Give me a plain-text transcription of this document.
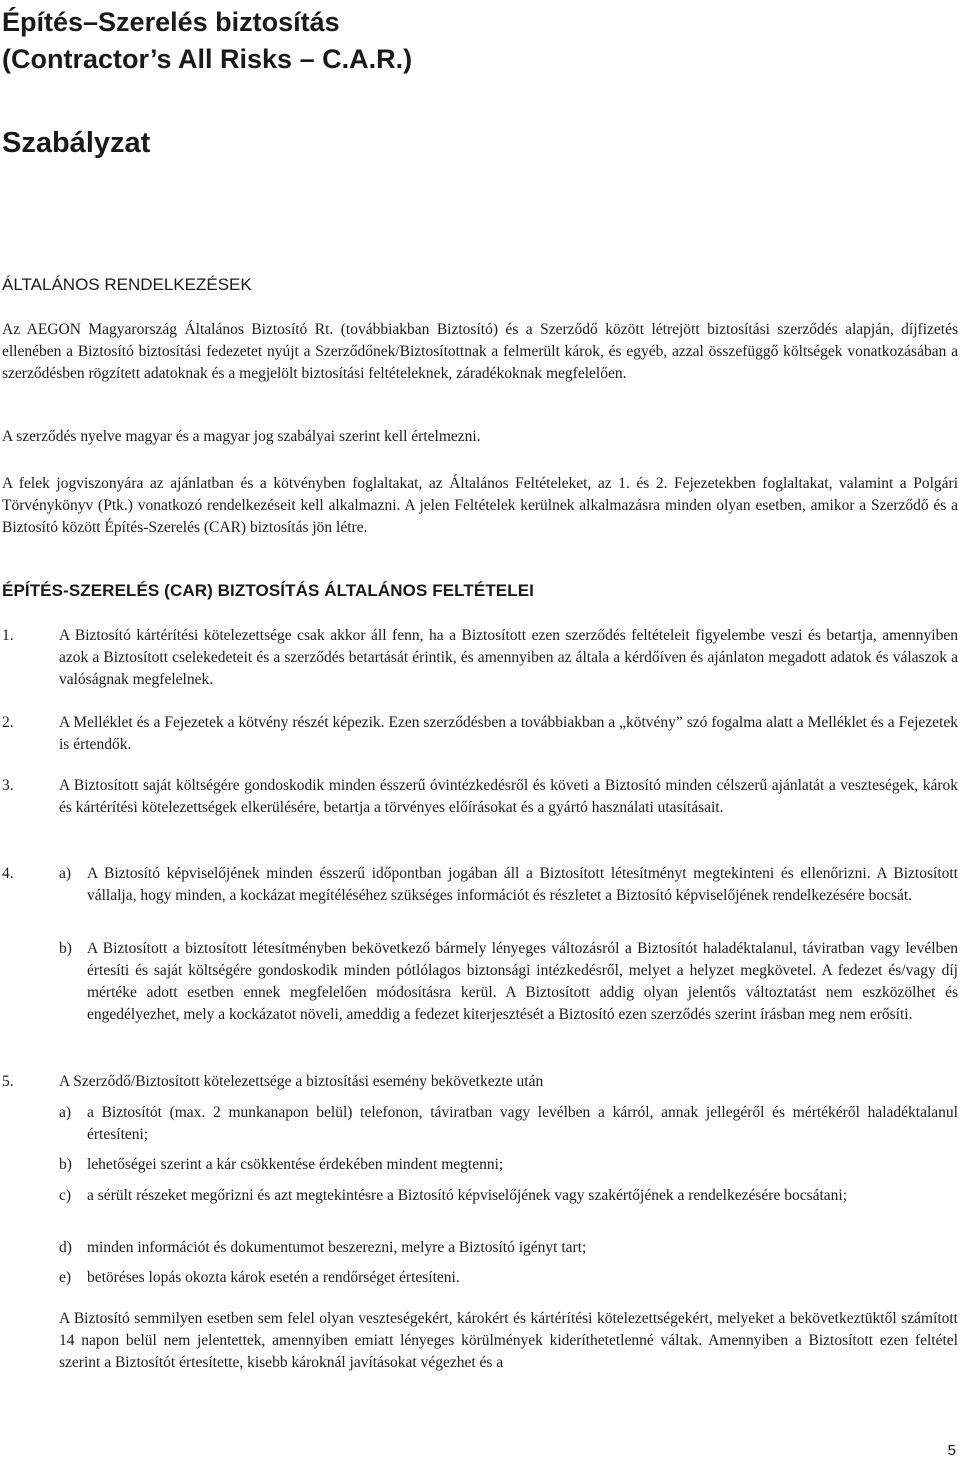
Építés–Szerelés biztosítás
(Contractor’s All Risks – C.A.R.)
Szabályzat
ÁLTALÁNOS RENDELKEZÉSEK

Az AEGON Magyarország Általános Biztosító Rt. (továbbiakban Biztosító) és a Szerződő között létrejött biztosítási szerződés alapján, díjfizetés ellenében a Biztosító biztosítási fedezetet nyújt a Szerződőnek/Biztosítottnak a felmerült károk, és egyéb, azzal összefüggő költségek vonatkozásában a szerződésben rögzített adatoknak és a megjelölt biztosítási feltételeknek, záradékoknak megfelelően.

A szerződés nyelve magyar és a magyar jog szabályai szerint kell értelmezni.

A felek jogviszonyára az ajánlatban és a kötvényben foglaltakat, az Általános Feltételeket, az 1. és 2. Fejezetekben foglaltakat, valamint a Polgári Törvénykönyv (Ptk.) vonatkozó rendelkezéseit kell alkalmazni. A jelen Feltételek kerülnek alkalmazásra minden olyan esetben, amikor a Szerződő és a Biztosító között Építés-Szerelés (CAR) biztosítás jön létre.

ÉPÍTÉS-SZERELÉS (CAR) BIZTOSÍTÁS ÁLTALÁNOS FELTÉTELEI
1.	A Biztosító kártérítési kötelezettsége csak akkor áll fenn, ha a Biztosított ezen szerződés feltételeit figyelembe veszi és betartja, amennyiben azok a Biztosított cselekedeteit és a szerződés betartását érintik, és amennyiben az általa a kérdőíven és ajánlaton megadott adatok és válaszok a valóságnak megfelelnek.

2.	A Melléklet és a Fejezetek a kötvény részét képezik. Ezen szerződésben a továbbiakban a „kötvény” szó fogalma alatt a Melléklet és a Fejezetek is értendők.

3.	A Biztosított saját költségére gondoskodik minden ésszerű óvintézkedésről és követi a Biztosító minden célszerű ajánlatát a veszteségek, károk és kártérítési kötelezettségek elkerülésére, betartja a törvényes előírásokat és a gyártó használati utasításait.

4.	a)	A Biztosító képviselőjének minden ésszerű időpontban jogában áll a Biztosított létesítményt megtekinteni és ellenőrizni. A Biztosított vállalja, hogy minden, a kockázat megítéléséhez szükséges információt és részletet a Biztosító képviselőjének rendelkezésére bocsát.

b) A Biztosított a biztosított létesítményben bekövetkező bármely lényeges változásról a Biztosítót haladéktalanul, táviratban vagy levélben értesíti és saját költségére gondoskodik minden pótlólagos biztonsági intézkedésről, melyet a helyzet megkövetel. A fedezet és/vagy díj mértéke adott esetben ennek megfelelően módosításra kerül. A Biztosított addig olyan jelentős változtatást nem eszközölhet és engedélyezhet, mely a kockázatot növeli, ameddig a fedezet kiterjesztését a Biztosító ezen szerződés szerint írásban meg nem erősíti.

5.	A Szerződő/Biztosított kötelezettsége a biztosítási esemény bekövetkezte után

a)	a Biztosítót (max. 2 munkanapon belül) telefonon, táviratban vagy levélben a kárról, annak jellegéről és mértékéről haladéktalanul értesíteni;

b) lehetőségei szerint a kár csökkentése érdekében mindent megtenni;

c)	a sérült részeket megőrizni és azt megtekintésre a Biztosító képviselőjének vagy szakértőjének a rendelkezésére bocsátani;

d) minden információt és dokumentumot beszerezni, melyre a Biztosító igényt tart;

e)	betöréses lopás okozta károk esetén a rendőrséget értesíteni.

A Biztosító semmilyen esetben sem felel olyan veszteségekért, károkért és kártérítési kötelezettségekért, melyeket a bekövetkeztüktől számított 14 napon belül nem jelentettek, amennyiben emiatt lényeges körülmények kideríthetetlenné váltak. Amennyiben a Biztosított ezen feltétel szerint a Biztosítót értesítette, kisebb károknál javításokat végezhet és a

5
